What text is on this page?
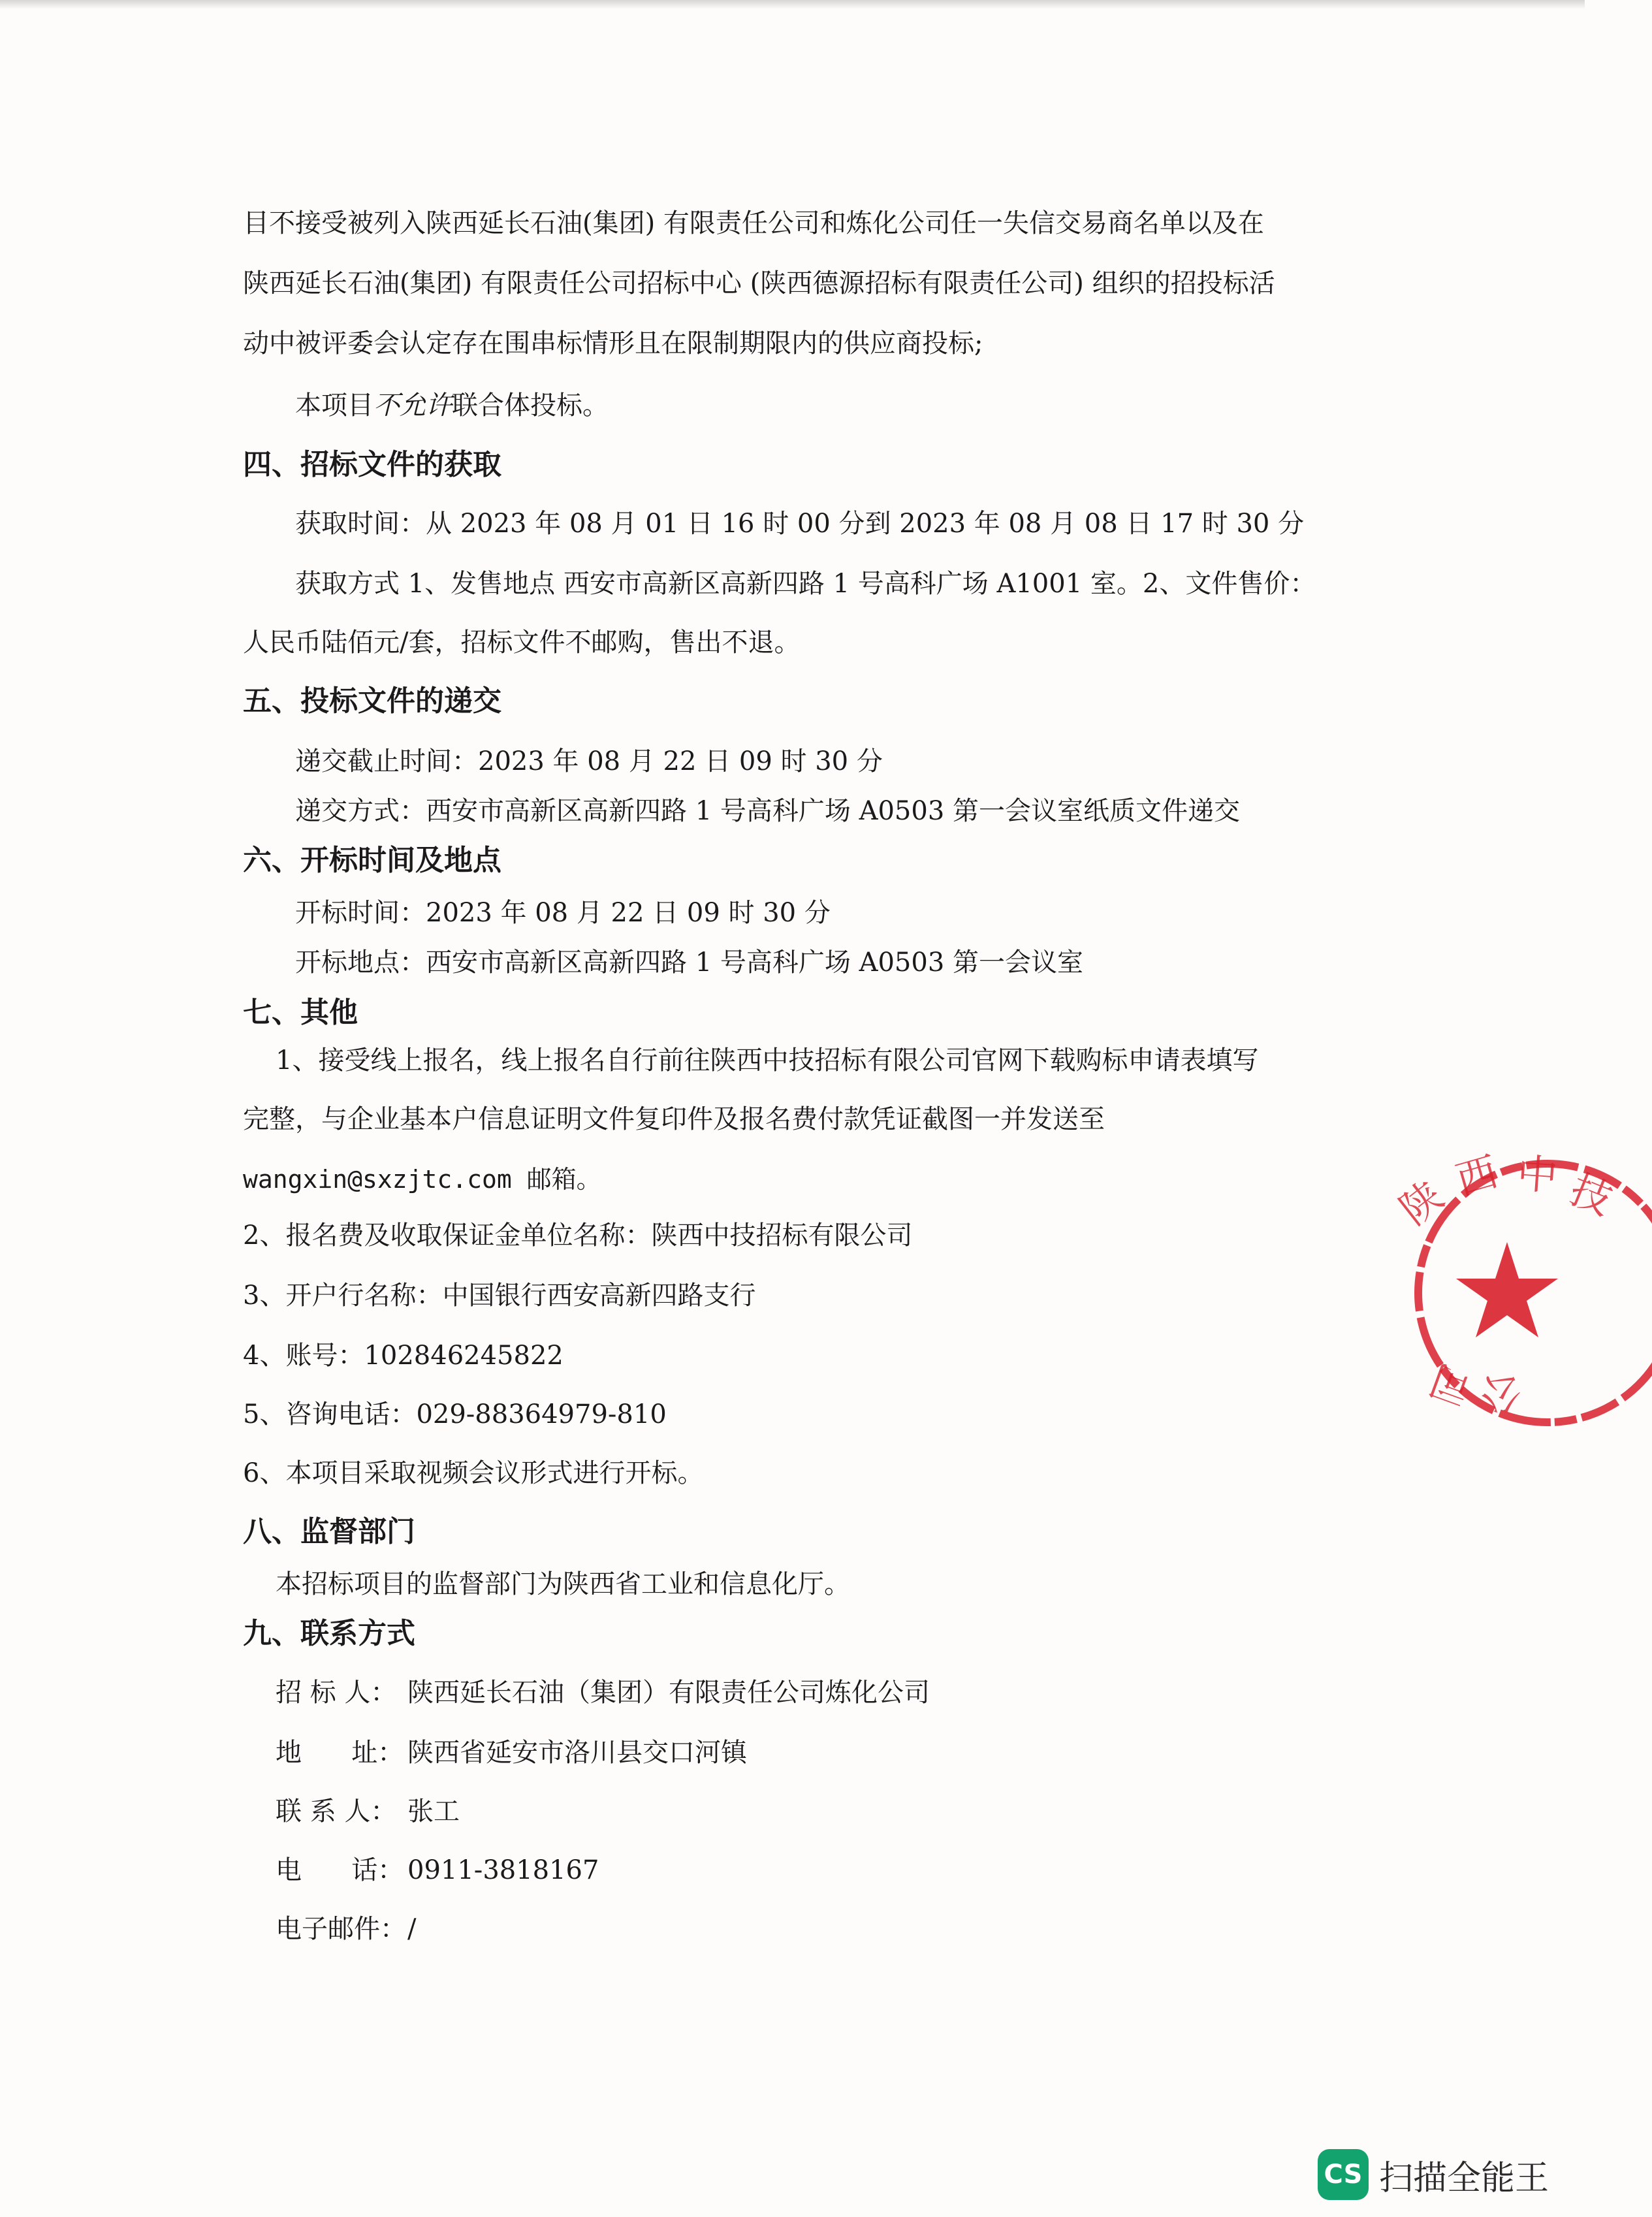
目不接受被列入陕西延长石油(集团) 有限责任公司和炼化公司任一失信交易商名单以及在
陕西延长石油(集团) 有限责任公司招标中心 (陕西德源招标有限责任公司) 组织的招投标活
动中被评委会认定存在围串标情形且在限制期限内的供应商投标;
本项目不允许联合体投标。
四、招标文件的获取
获取时间：从 2023 年 08 月 01 日 16 时 00 分到 2023 年 08 月 08 日 17 时 30 分
获取方式 1、发售地点 西安市高新区高新四路 1 号高科广场 A1001 室。2、文件售价：
人民币陆佰元/套，招标文件不邮购，售出不退。
五、投标文件的递交
递交截止时间：2023 年 08 月 22 日 09 时 30 分
递交方式：西安市高新区高新四路 1 号高科广场 A0503 第一会议室纸质文件递交
六、开标时间及地点
开标时间：2023 年 08 月 22 日 09 时 30 分
开标地点：西安市高新区高新四路 1 号高科广场 A0503 第一会议室
七、其他
1、接受线上报名，线上报名自行前往陕西中技招标有限公司官网下载购标申请表填写
完整，与企业基本户信息证明文件复印件及报名费付款凭证截图一并发送至
wangxin@sxzjtc.com 邮箱。
2、报名费及收取保证金单位名称：陕西中技招标有限公司
3、开户行名称：中国银行西安高新四路支行
4、账号：102846245822
5、咨询电话：029-88364979-810
6、本项目采取视频会议形式进行开标。
八、监督部门
本招标项目的监督部门为陕西省工业和信息化厅。
九、联系方式
招 标 人： 陕西延长石油（集团）有限责任公司炼化公司
地      址： 陕西省延安市洛川县交口河镇
联 系 人： 张工
电      话： 0911-3818167
电子邮件： /
陕
西 中 技
公
司
CS 扫描全能王
